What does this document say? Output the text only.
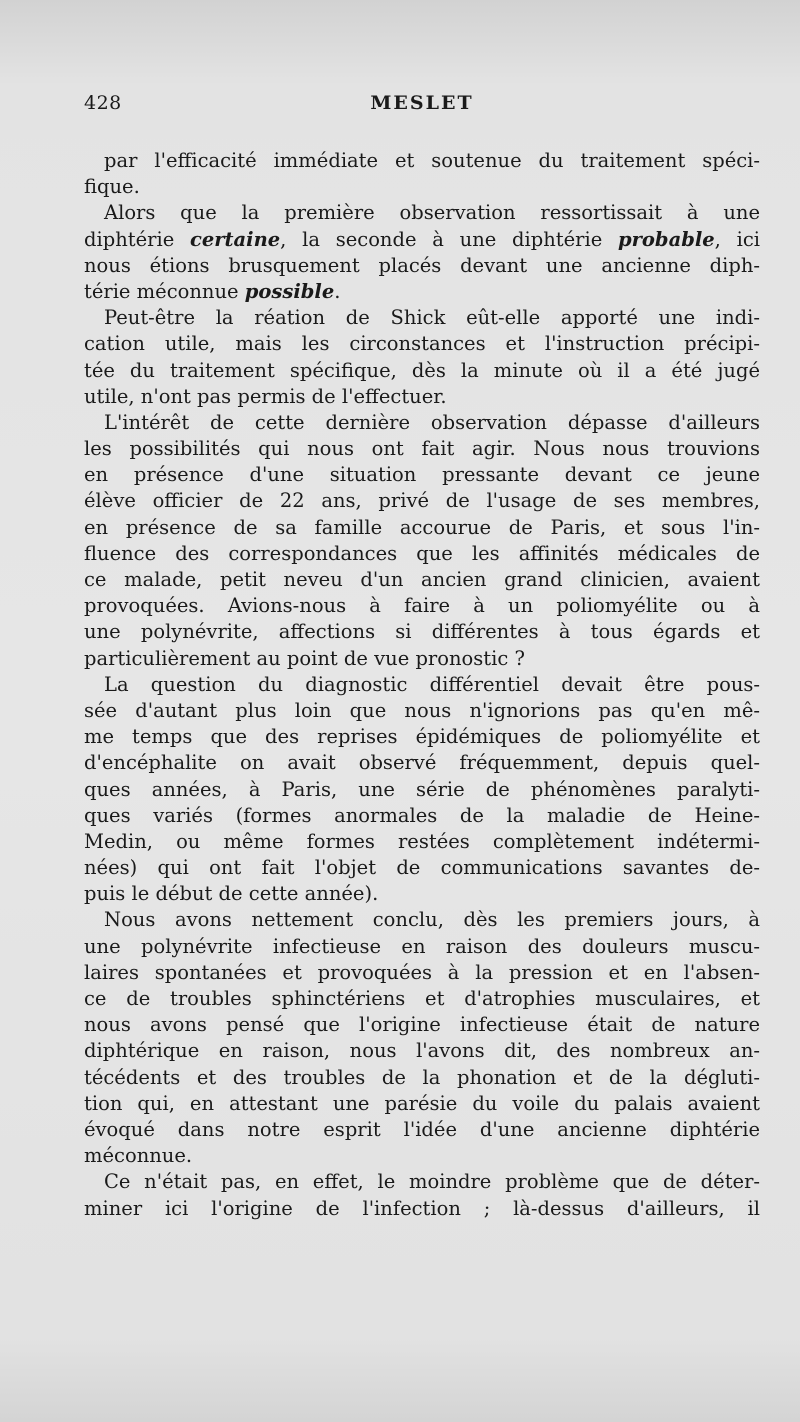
428	MESLET
par l'efficacité immédiate et soutenue du traitement spéci-
fique.
Alors que la première observation ressortissait à une
diphtérie certaine, la seconde à une diphtérie probable, ici
nous étions brusquement placés devant une ancienne diph-
térie méconnue possible.
Peut-être la réation de Shick eût-elle apporté une indi-
cation utile, mais les circonstances et l'instruction précipi-
tée du traitement spécifique, dès la minute où il a été jugé
utile, n'ont pas permis de l'effectuer.
L'intérêt de cette dernière observation dépasse d'ailleurs
les possibilités qui nous ont fait agir. Nous nous trouvions
en présence d'une situation pressante devant ce jeune
élève officier de 22 ans, privé de l'usage de ses membres,
en présence de sa famille accourue de Paris, et sous l'in-
fluence des correspondances que les affinités médicales de
ce malade, petit neveu d'un ancien grand clinicien, avaient
provoquées. Avions-nous à faire à un poliomyélite ou à
une polynévrite, affections si différentes à tous égards et
particulièrement au point de vue pronostic ?
La question du diagnostic différentiel devait être pous-
sée d'autant plus loin que nous n'ignorions pas qu'en mê-
me temps que des reprises épidémiques de poliomyélite et
d'encéphalite on avait observé fréquemment, depuis quel-
ques années, à Paris, une série de phénomènes paralyti-
ques variés (formes anormales de la maladie de Heine-
Medin, ou même formes restées complètement indétermi-
nées) qui ont fait l'objet de communications savantes de-
puis le début de cette année).
Nous avons nettement conclu, dès les premiers jours, à
une polynévrite infectieuse en raison des douleurs muscu-
laires spontanées et provoquées à la pression et en l'absen-
ce de troubles sphinctériens et d'atrophies musculaires, et
nous avons pensé que l'origine infectieuse était de nature
diphtérique en raison, nous l'avons dit, des nombreux an-
técédents et des troubles de la phonation et de la dégluti-
tion qui, en attestant une parésie du voile du palais avaient
évoqué dans notre esprit l'idée d'une ancienne diphtérie
méconnue.
Ce n'était pas, en effet, le moindre problème que de déter-
miner ici l'origine de l'infection ; là-dessus d'ailleurs, il
